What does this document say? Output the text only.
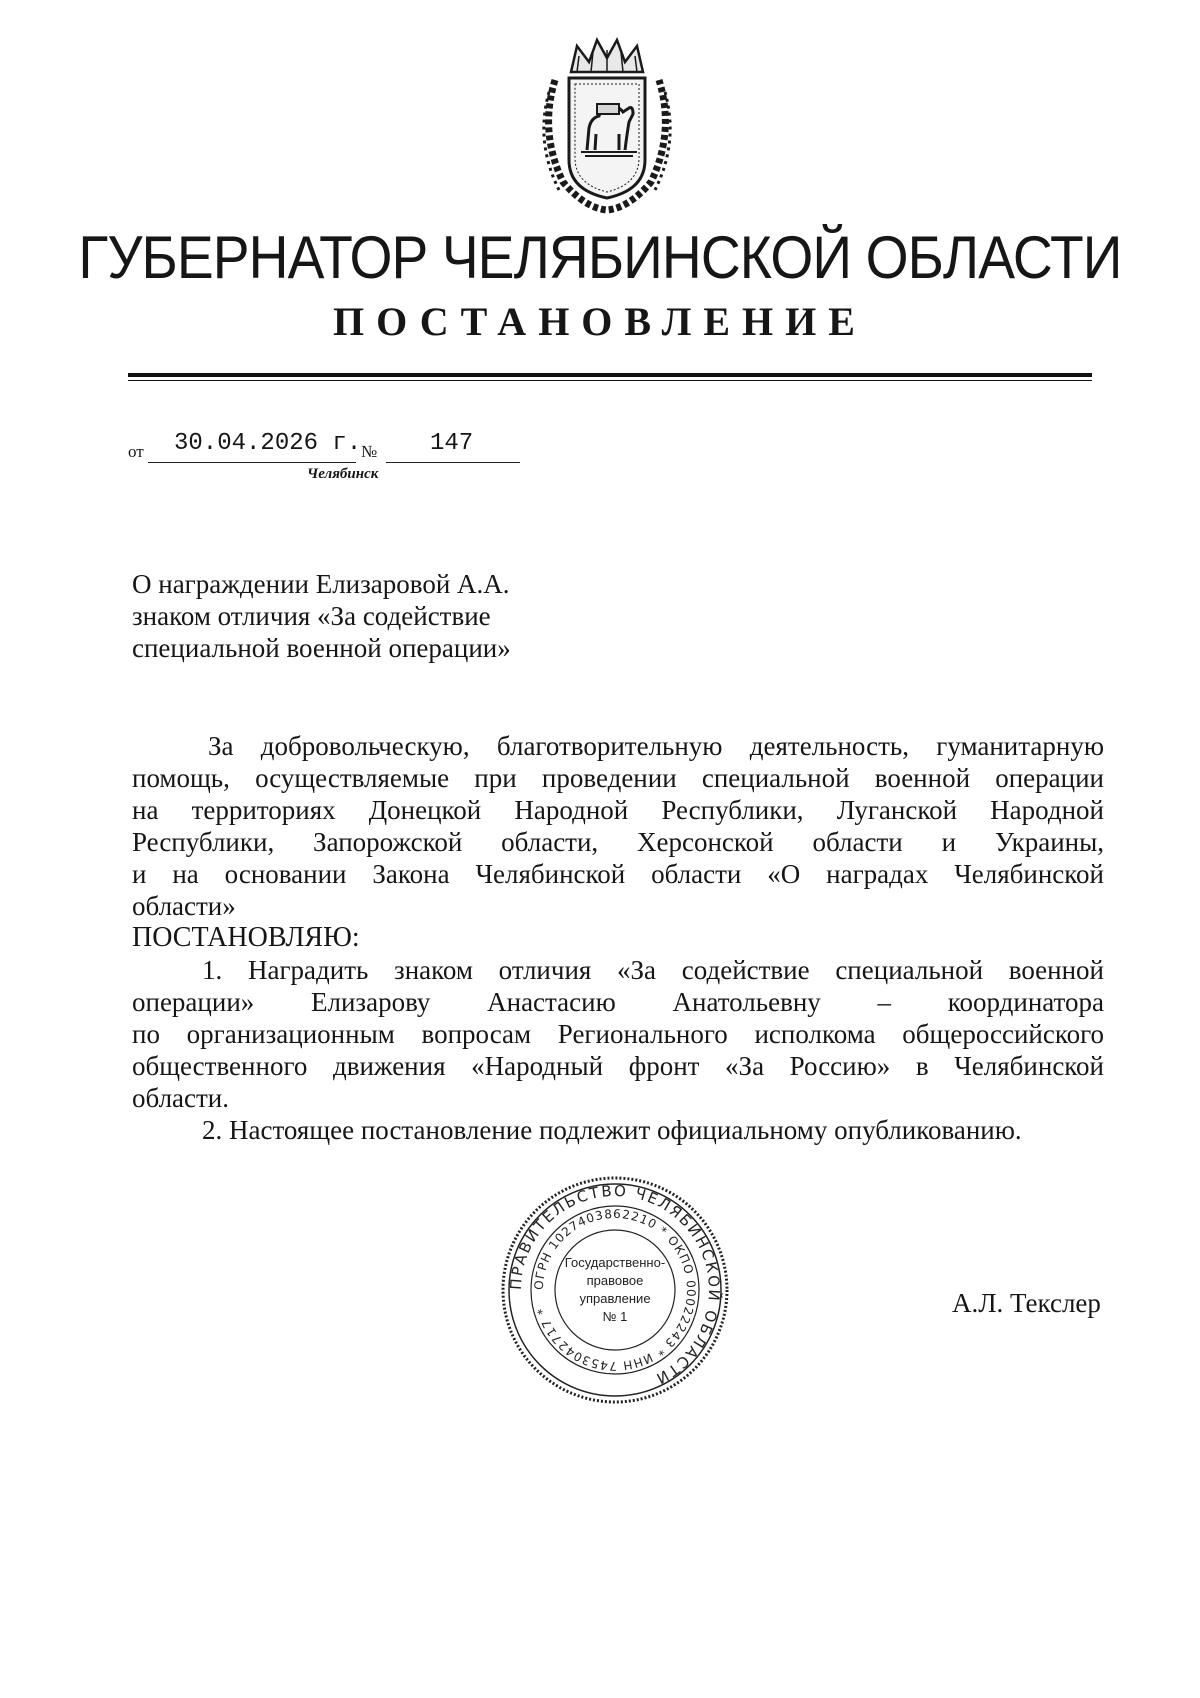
ГУБЕРНАТОР ЧЕЛЯБИНСКОЙ ОБЛАСТИ
ПОСТАНОВЛЕНИЕ
от 30.04.2026 г. № 147
Челябинск
О награждении Елизаровой А.А.
знаком отличия «За содействие
специальной военной операции»
За добровольческую, благотворительную деятельность, гуманитарную
помощь, осуществляемые при проведении специальной военной операции
на территориях Донецкой Народной Республики, Луганской Народной
Республики, Запорожской области, Херсонской области и Украины,
и на основании Закона Челябинской области «О наградах Челябинской
области»
ПОСТАНОВЛЯЮ:
1. Наградить знаком отличия «За содействие специальной военной
операции» Елизарову Анастасию Анатольевну – координатора
по организационным вопросам Регионального исполкома общероссийского
общественного движения «Народный фронт «За Россию» в Челябинской
области.
2. Настоящее постановление подлежит официальному опубликованию.
ПРАВИТЕЛЬСТВО ЧЕЛЯБИНСКОЙ ОБЛАСТИ
ОГРН 1027403862210 * ОКПО 00022243 * ИНН 7453042717 *
Государственно-
правовое
управление
№ 1	А.Л. Текслер
